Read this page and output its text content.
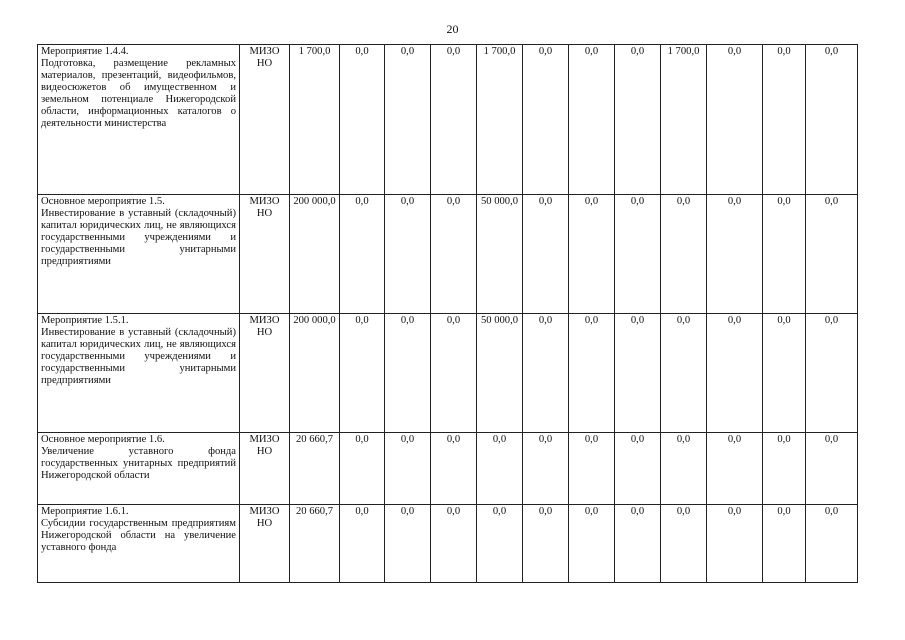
20
Мероприятие 1.4.4.
Подготовка, размещение рекламных материалов, презентаций, видеофильмов, видеосюжетов об имущественном и земельном потенциале Нижегородской области, информационных каталогов о деятельности министерства	МИЗО НО	1 700,0	0,0	0,0	0,0	1 700,0	0,0	0,0	0,0	1 700,0	0,0	0,0	0,0

Основное мероприятие 1.5.
Инвестирование в уставный (складочный) капитал юридических лиц, не являющихся государственными учреждениями и государственными унитарными предприятиями	МИЗО НО	200 000,0	0,0	0,0	0,0	50 000,0	0,0	0,0	0,0	0,0	0,0	0,0	0,0

Мероприятие 1.5.1.
Инвестирование в уставный (складочный) капитал юридических лиц, не являющихся государственными учреждениями и государственными унитарными предприятиями	МИЗО НО	200 000,0	0,0	0,0	0,0	50 000,0	0,0	0,0	0,0	0,0	0,0	0,0	0,0

Основное мероприятие 1.6.
Увеличение уставного фонда государственных унитарных предприятий Нижегородской области	МИЗО НО	20 660,7	0,0	0,0	0,0	0,0	0,0	0,0	0,0	0,0	0,0	0,0	0,0

Мероприятие 1.6.1.
Субсидии государственным предприятиям Нижегородской области на увеличение уставного фонда	МИЗО НО	20 660,7	0,0	0,0	0,0	0,0	0,0	0,0	0,0	0,0	0,0	0,0	0,0
